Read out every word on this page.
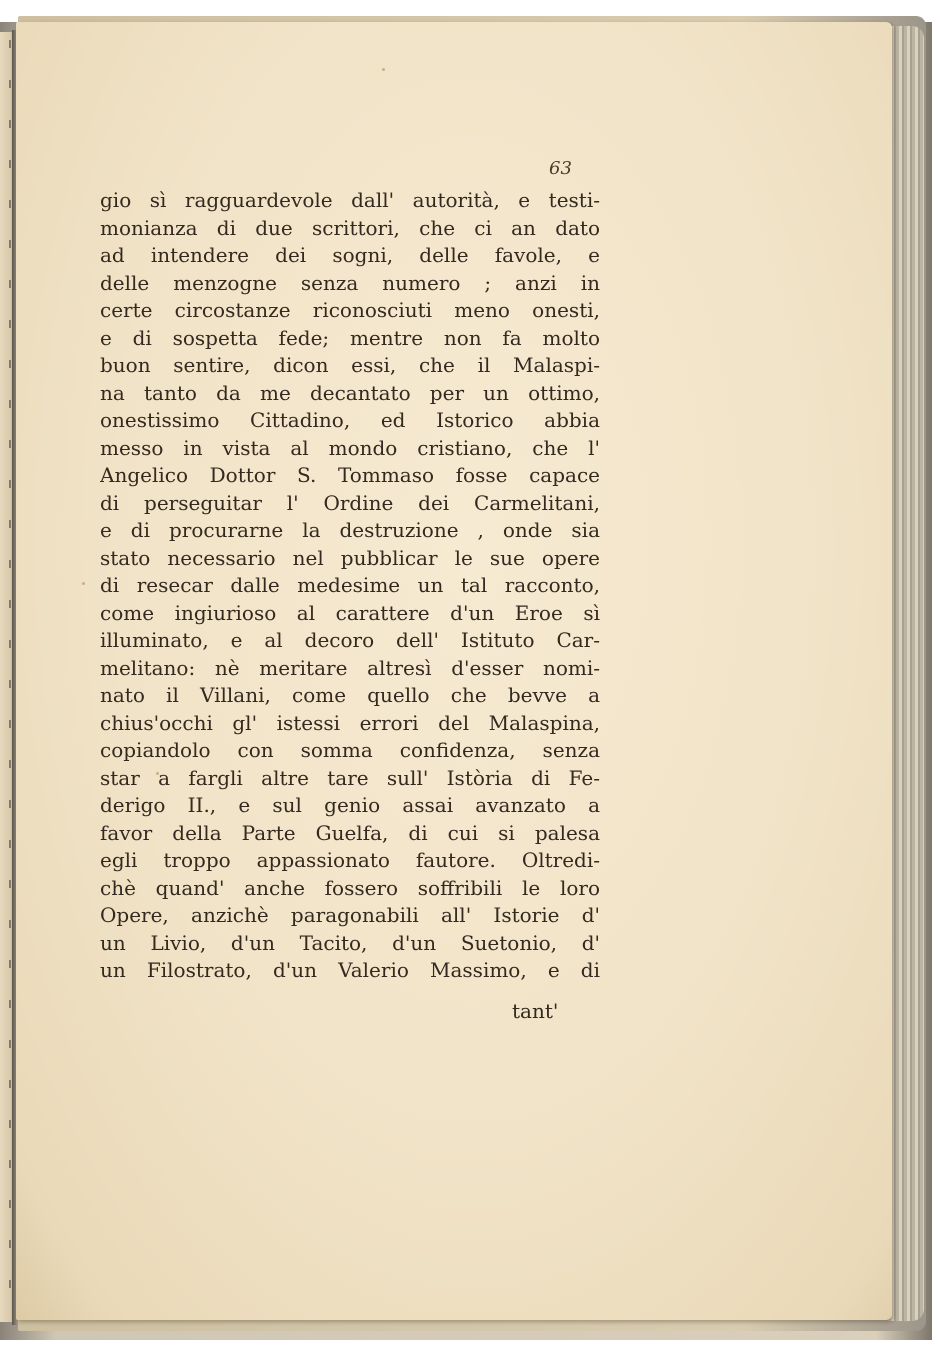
63
gio sì ragguardevole dall' autorità, e testi-
monianza di due scrittori, che ci an dato
ad intendere dei sogni, delle favole, e
delle menzogne senza numero ; anzi in
certe circostanze riconosciuti meno onesti,
e di sospetta fede; mentre non fa molto
buon sentire, dicon essi, che il Malaspi-
na tanto da me decantato per un ottimo,
onestissimo Cittadino, ed Istorico abbia
messo in vista al mondo cristiano, che l'
Angelico Dottor S. Tommaso fosse capace
di perseguitar l' Ordine dei Carmelitani,
e di procurarne la destruzione , onde sia
stato necessario nel pubblicar le sue opere
di resecar dalle medesime un tal racconto,
come ingiurioso al carattere d'un Eroe sì
illuminato, e al decoro dell' Istituto Car-
melitano: nè meritare altresì d'esser nomi-
nato il Villani, come quello che bevve a
chius'occhi gl' istessi errori del Malaspina,
copiandolo con somma confidenza, senza
star a fargli altre tare sull' Istòria di Fe-
derigo II., e sul genio assai avanzato a
favor della Parte Guelfa, di cui si palesa
egli troppo appassionato fautore. Oltredi-
chè quand' anche fossero soffribili le loro
Opere, anzichè paragonabili all' Istorie d'
un Livio, d'un Tacito, d'un Suetonio, d'
un Filostrato, d'un Valerio Massimo, e di
tant'
